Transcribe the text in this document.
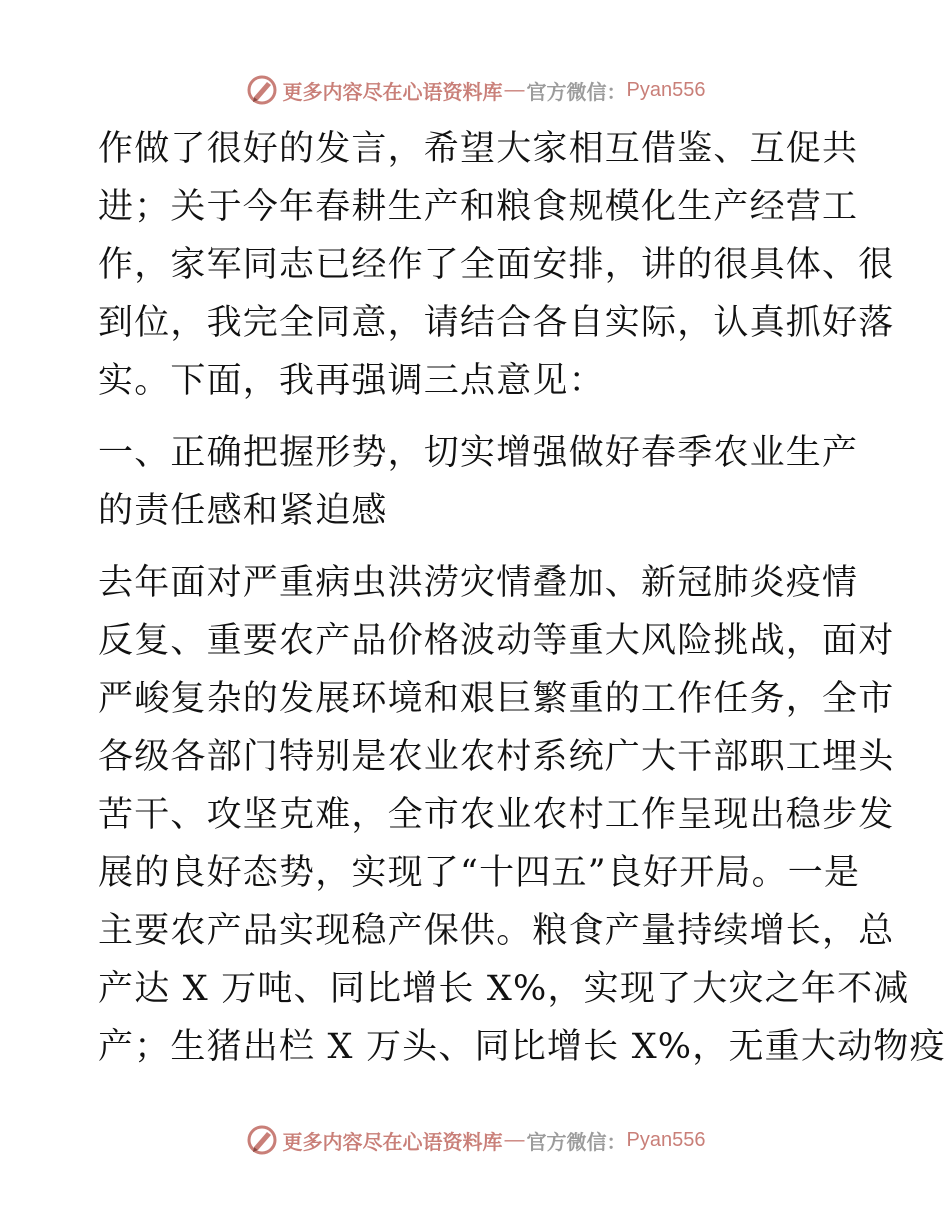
更多内容尽在心语资料库 — 官方微信： Pyan556

作做了很好的发言，希望大家相互借鉴、互促共
进；关于今年春耕生产和粮食规模化生产经营工
作，家军同志已经作了全面安排，讲的很具体、很
到位，我完全同意，请结合各自实际，认真抓好落
实。下面，我再强调三点意见：

一、正确把握形势，切实增强做好春季农业生产
的责任感和紧迫感

去年面对严重病虫洪涝灾情叠加、新冠肺炎疫情
反复、重要农产品价格波动等重大风险挑战，面对
严峻复杂的发展环境和艰巨繁重的工作任务，全市
各级各部门特别是农业农村系统广大干部职工埋头
苦干、攻坚克难，全市农业农村工作呈现出稳步发
展的良好态势，实现了“十四五”良好开局。一是
主要农产品实现稳产保供。粮食产量持续增长，总
产达 X 万吨、同比增长 X%，实现了大灾之年不减
产；生猪出栏 X 万头、同比增长 X%，无重大动物疫

更多内容尽在心语资料库 — 官方微信： Pyan556
